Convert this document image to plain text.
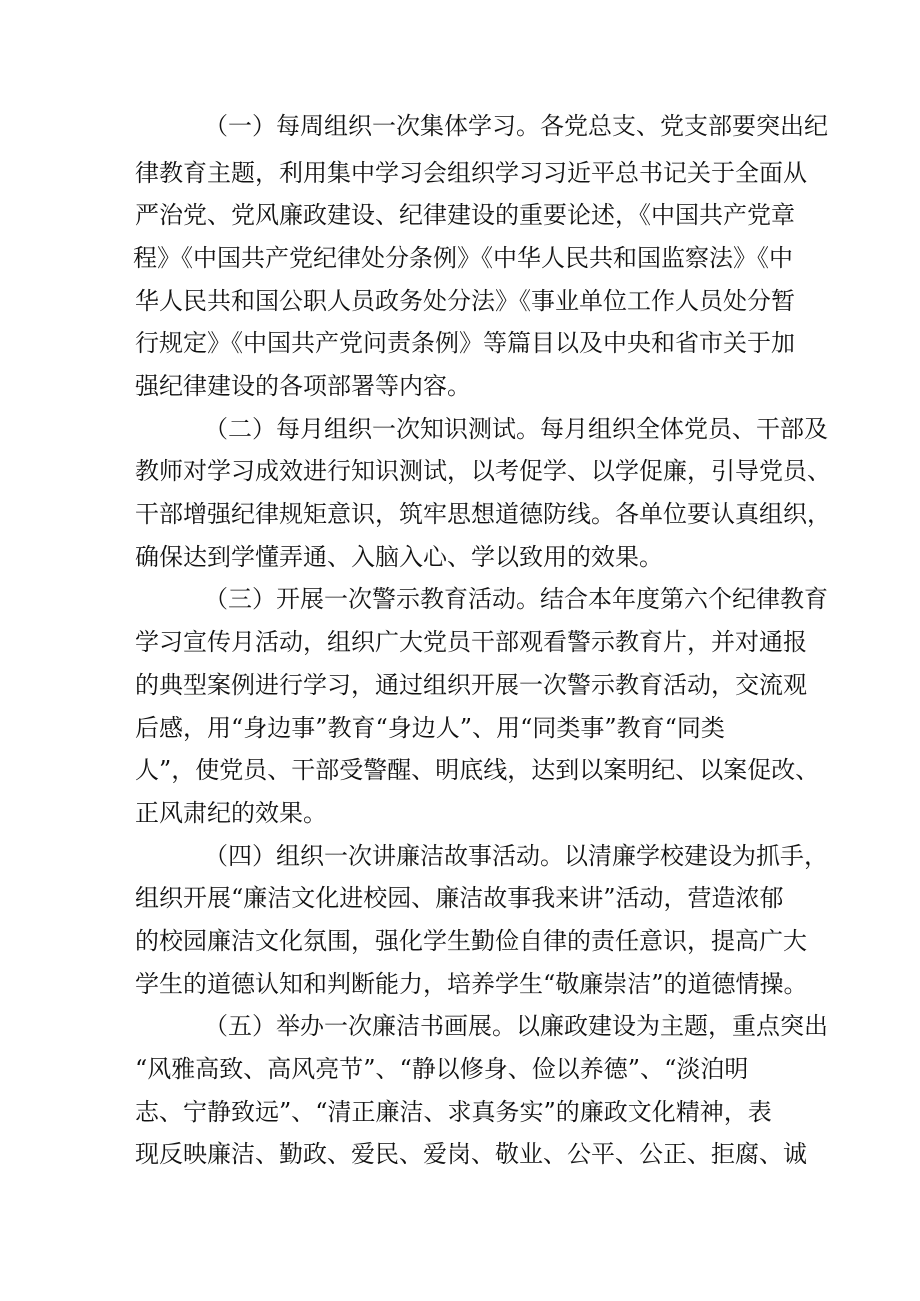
（一）每周组织一次集体学习。各党总支、党支部要突出纪
律教育主题，利用集中学习会组织学习习近平总书记关于全面从
严治党、党风廉政建设、纪律建设的重要论述，《中国共产党章
程》《中国共产党纪律处分条例》《中华人民共和国监察法》《中
华人民共和国公职人员政务处分法》《事业单位工作人员处分暂
行规定》《中国共产党问责条例》等篇目以及中央和省市关于加
强纪律建设的各项部署等内容。
（二）每月组织一次知识测试。每月组织全体党员、干部及
教师对学习成效进行知识测试，以考促学、以学促廉，引导党员、
干部增强纪律规矩意识，筑牢思想道德防线。各单位要认真组织，
确保达到学懂弄通、入脑入心、学以致用的效果。
（三）开展一次警示教育活动。结合本年度第六个纪律教育
学习宣传月活动，组织广大党员干部观看警示教育片，并对通报
的典型案例进行学习，通过组织开展一次警示教育活动，交流观
后感，用“身边事”教育“身边人”、用“同类事”教育“同类
人”，使党员、干部受警醒、明底线，达到以案明纪、以案促改、
正风肃纪的效果。
（四）组织一次讲廉洁故事活动。以清廉学校建设为抓手，
组织开展“廉洁文化进校园、廉洁故事我来讲”活动，营造浓郁
的校园廉洁文化氛围，强化学生勤俭自律的责任意识，提高广大
学生的道德认知和判断能力，培养学生“敬廉崇洁”的道德情操。
（五）举办一次廉洁书画展。以廉政建设为主题，重点突出
“风雅高致、高风亮节”、“静以修身、俭以养德”、“淡泊明
志、宁静致远”、“清正廉洁、求真务实”的廉政文化精神，表
现反映廉洁、勤政、爱民、爱岗、敬业、公平、公正、拒腐、诚
